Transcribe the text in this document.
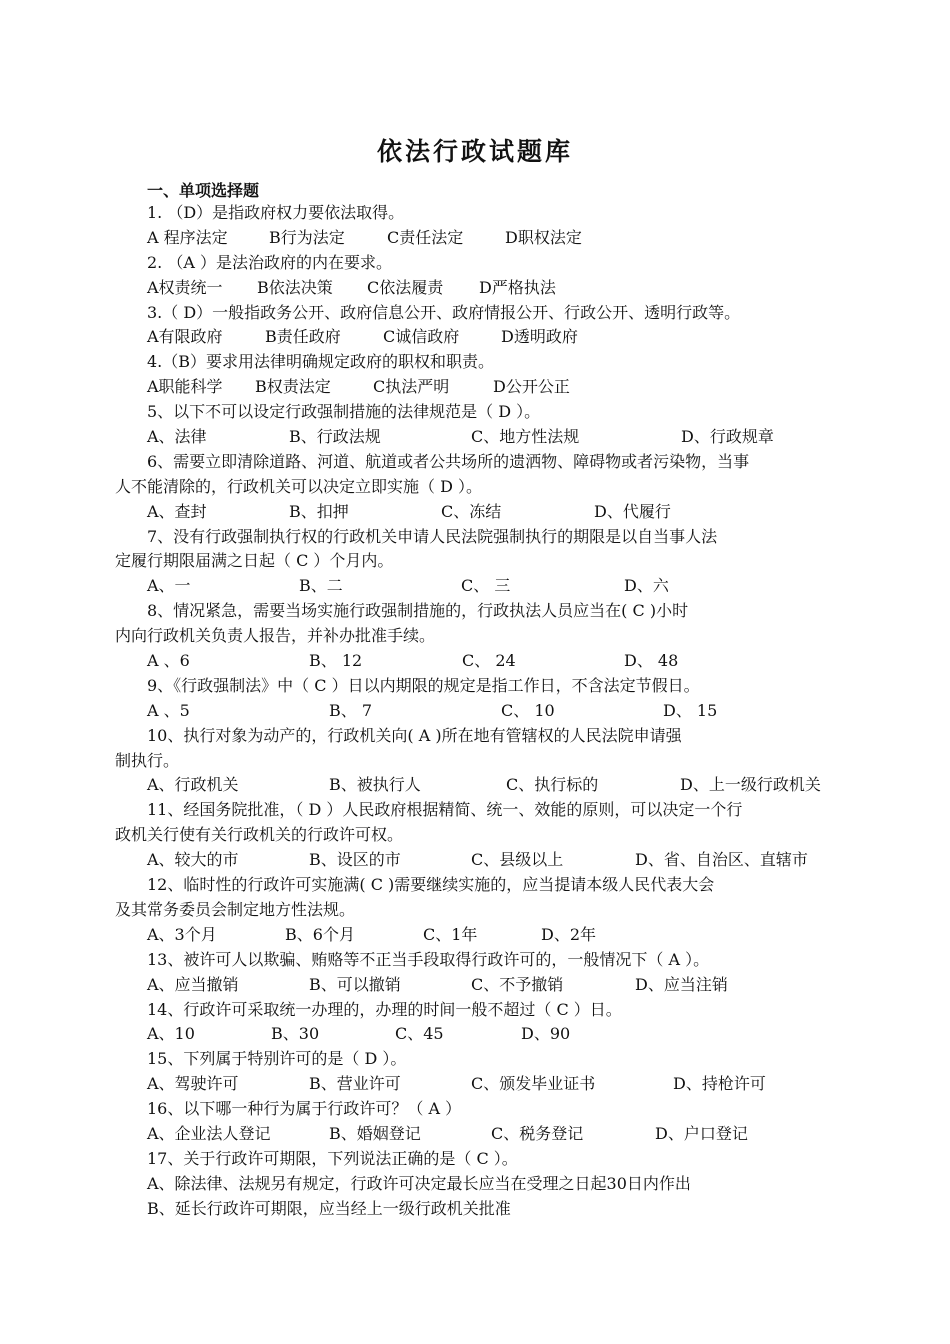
依法行政试题库
一、单项选择题
1. （D）是指政府权力要依法取得。
A 程序法定	B行为法定	C责任法定	D职权法定
2. （A ）是法治政府的内在要求。
A权责统一	B依法决策	C依法履责	D严格执法
3.（ D）一般指政务公开、政府信息公开、政府情报公开、行政公开、透明行政等。
A有限政府	B责任政府	C诚信政府	D透明政府
4.（B）要求用法律明确规定政府的职权和职责。
A职能科学	B权责法定	C执法严明	D公开公正
5、以下不可以设定行政强制措施的法律规范是（ D ）。
A、法律	B、行政法规	C、地方性法规	D、行政规章
6、需要立即清除道路、河道、航道或者公共场所的遗洒物、障碍物或者污染物，当事
人不能清除的，行政机关可以决定立即实施（ D ）。
A、查封	B、扣押	C、冻结	D、代履行
7、没有行政强制执行权的行政机关申请人民法院强制执行的期限是以自当事人法
定履行期限届满之日起（ C ）个月内。
A、一	B、二	C、 三	D、六
8、情况紧急，需要当场实施行政强制措施的，行政执法人员应当在( C )小时
内向行政机关负责人报告，并补办批准手续。
A 、6	B、 12	C、 24	D、 48
9、《行政强制法》中（ C ）日以内期限的规定是指工作日，不含法定节假日。
A 、5	B、 7	C、 10	D、 15
10、执行对象为动产的，行政机关向( A )所在地有管辖权的人民法院申请强
制执行。
A、行政机关	B、被执行人	C、执行标的	D、上一级行政机关
11、经国务院批准，（ D ）人民政府根据精简、统一、效能的原则，可以决定一个行
政机关行使有关行政机关的行政许可权。
A、较大的市	B、设区的市	C、县级以上	D、省、自治区、直辖市
12、临时性的行政许可实施满( C )需要继续实施的，应当提请本级人民代表大会
及其常务委员会制定地方性法规。
A、3个月	B、6个月	C、1年	D、2年
13、被许可人以欺骗、贿赂等不正当手段取得行政许可的，一般情况下（ A ）。
A、应当撤销	B、可以撤销	C、不予撤销	D、应当注销
14、行政许可采取统一办理的，办理的时间一般不超过（ C ）日。
A、10	B、30	C、45	D、90
15、下列属于特别许可的是（ D ）。
A、驾驶许可	B、营业许可	C、颁发毕业证书	D、持枪许可
16、以下哪一种行为属于行政许可？（ A ）
A、企业法人登记	B、婚姻登记	C、税务登记	D、户口登记
17、关于行政许可期限，下列说法正确的是（ C ）。
A、除法律、法规另有规定，行政许可决定最长应当在受理之日起30日内作出
B、延长行政许可期限，应当经上一级行政机关批准
